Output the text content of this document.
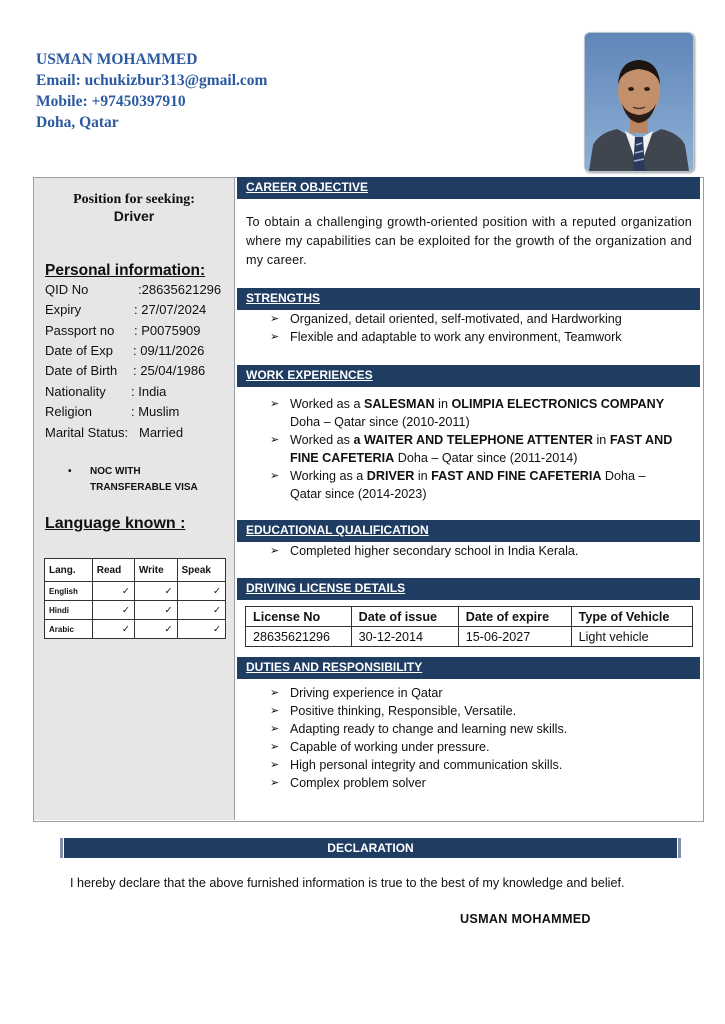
USMAN MOHAMMED
Email: uchukizbur313@gmail.com
Mobile: +97450397910
Doha, Qatar
Position for seeking:
Driver
Personal information:
QID No	:28635621296
Expiry	: 27/07/2024
Passport no : P0075909
Date of Exp : 09/11/2026
Date of Birth : 25/04/1986
Nationality : India
Religion	: Muslim
Marital Status: Married
• NOC WITH
TRANSFERABLE VISA
Language known :
Lang.	Read	Write	Speak
English	✓	✓	✓
Hindi	✓	✓	✓
Arabic	✓	✓	✓
CAREER OBJECTIVE
To obtain a challenging growth-oriented position with a reputed organization where my capabilities can be exploited for the growth of the organization and my career.
STRENGTHS
➢ Organized, detail oriented, self-motivated, and Hardworking
➢ Flexible and adaptable to work any environment, Teamwork
WORK EXPERIENCES
➢ Worked as a SALESMAN in OLIMPIA ELECTRONICS COMPANY Doha – Qatar since (2010-2011)
➢ Worked as a WAITER AND TELEPHONE ATTENTER in FAST AND FINE CAFETERIA Doha – Qatar since (2011-2014)
➢ Working as a DRIVER in FAST AND FINE CAFETERIA Doha – Qatar since (2014-2023)
EDUCATIONAL QUALIFICATION
➢ Completed higher secondary school in India Kerala.
DRIVING LICENSE DETAILS
License No	Date of issue	Date of expire	Type of Vehicle
28635621296	30-12-2014	15-06-2027	Light vehicle
DUTIES AND RESPONSIBILITY
➢ Driving experience in Qatar
➢ Positive thinking, Responsible, Versatile.
➢ Adapting ready to change and learning new skills.
➢ Capable of working under pressure.
➢ High personal integrity and communication skills.
➢ Complex problem solver
DECLARATION
I hereby declare that the above furnished information is true to the best of my knowledge and belief.
USMAN MOHAMMED
